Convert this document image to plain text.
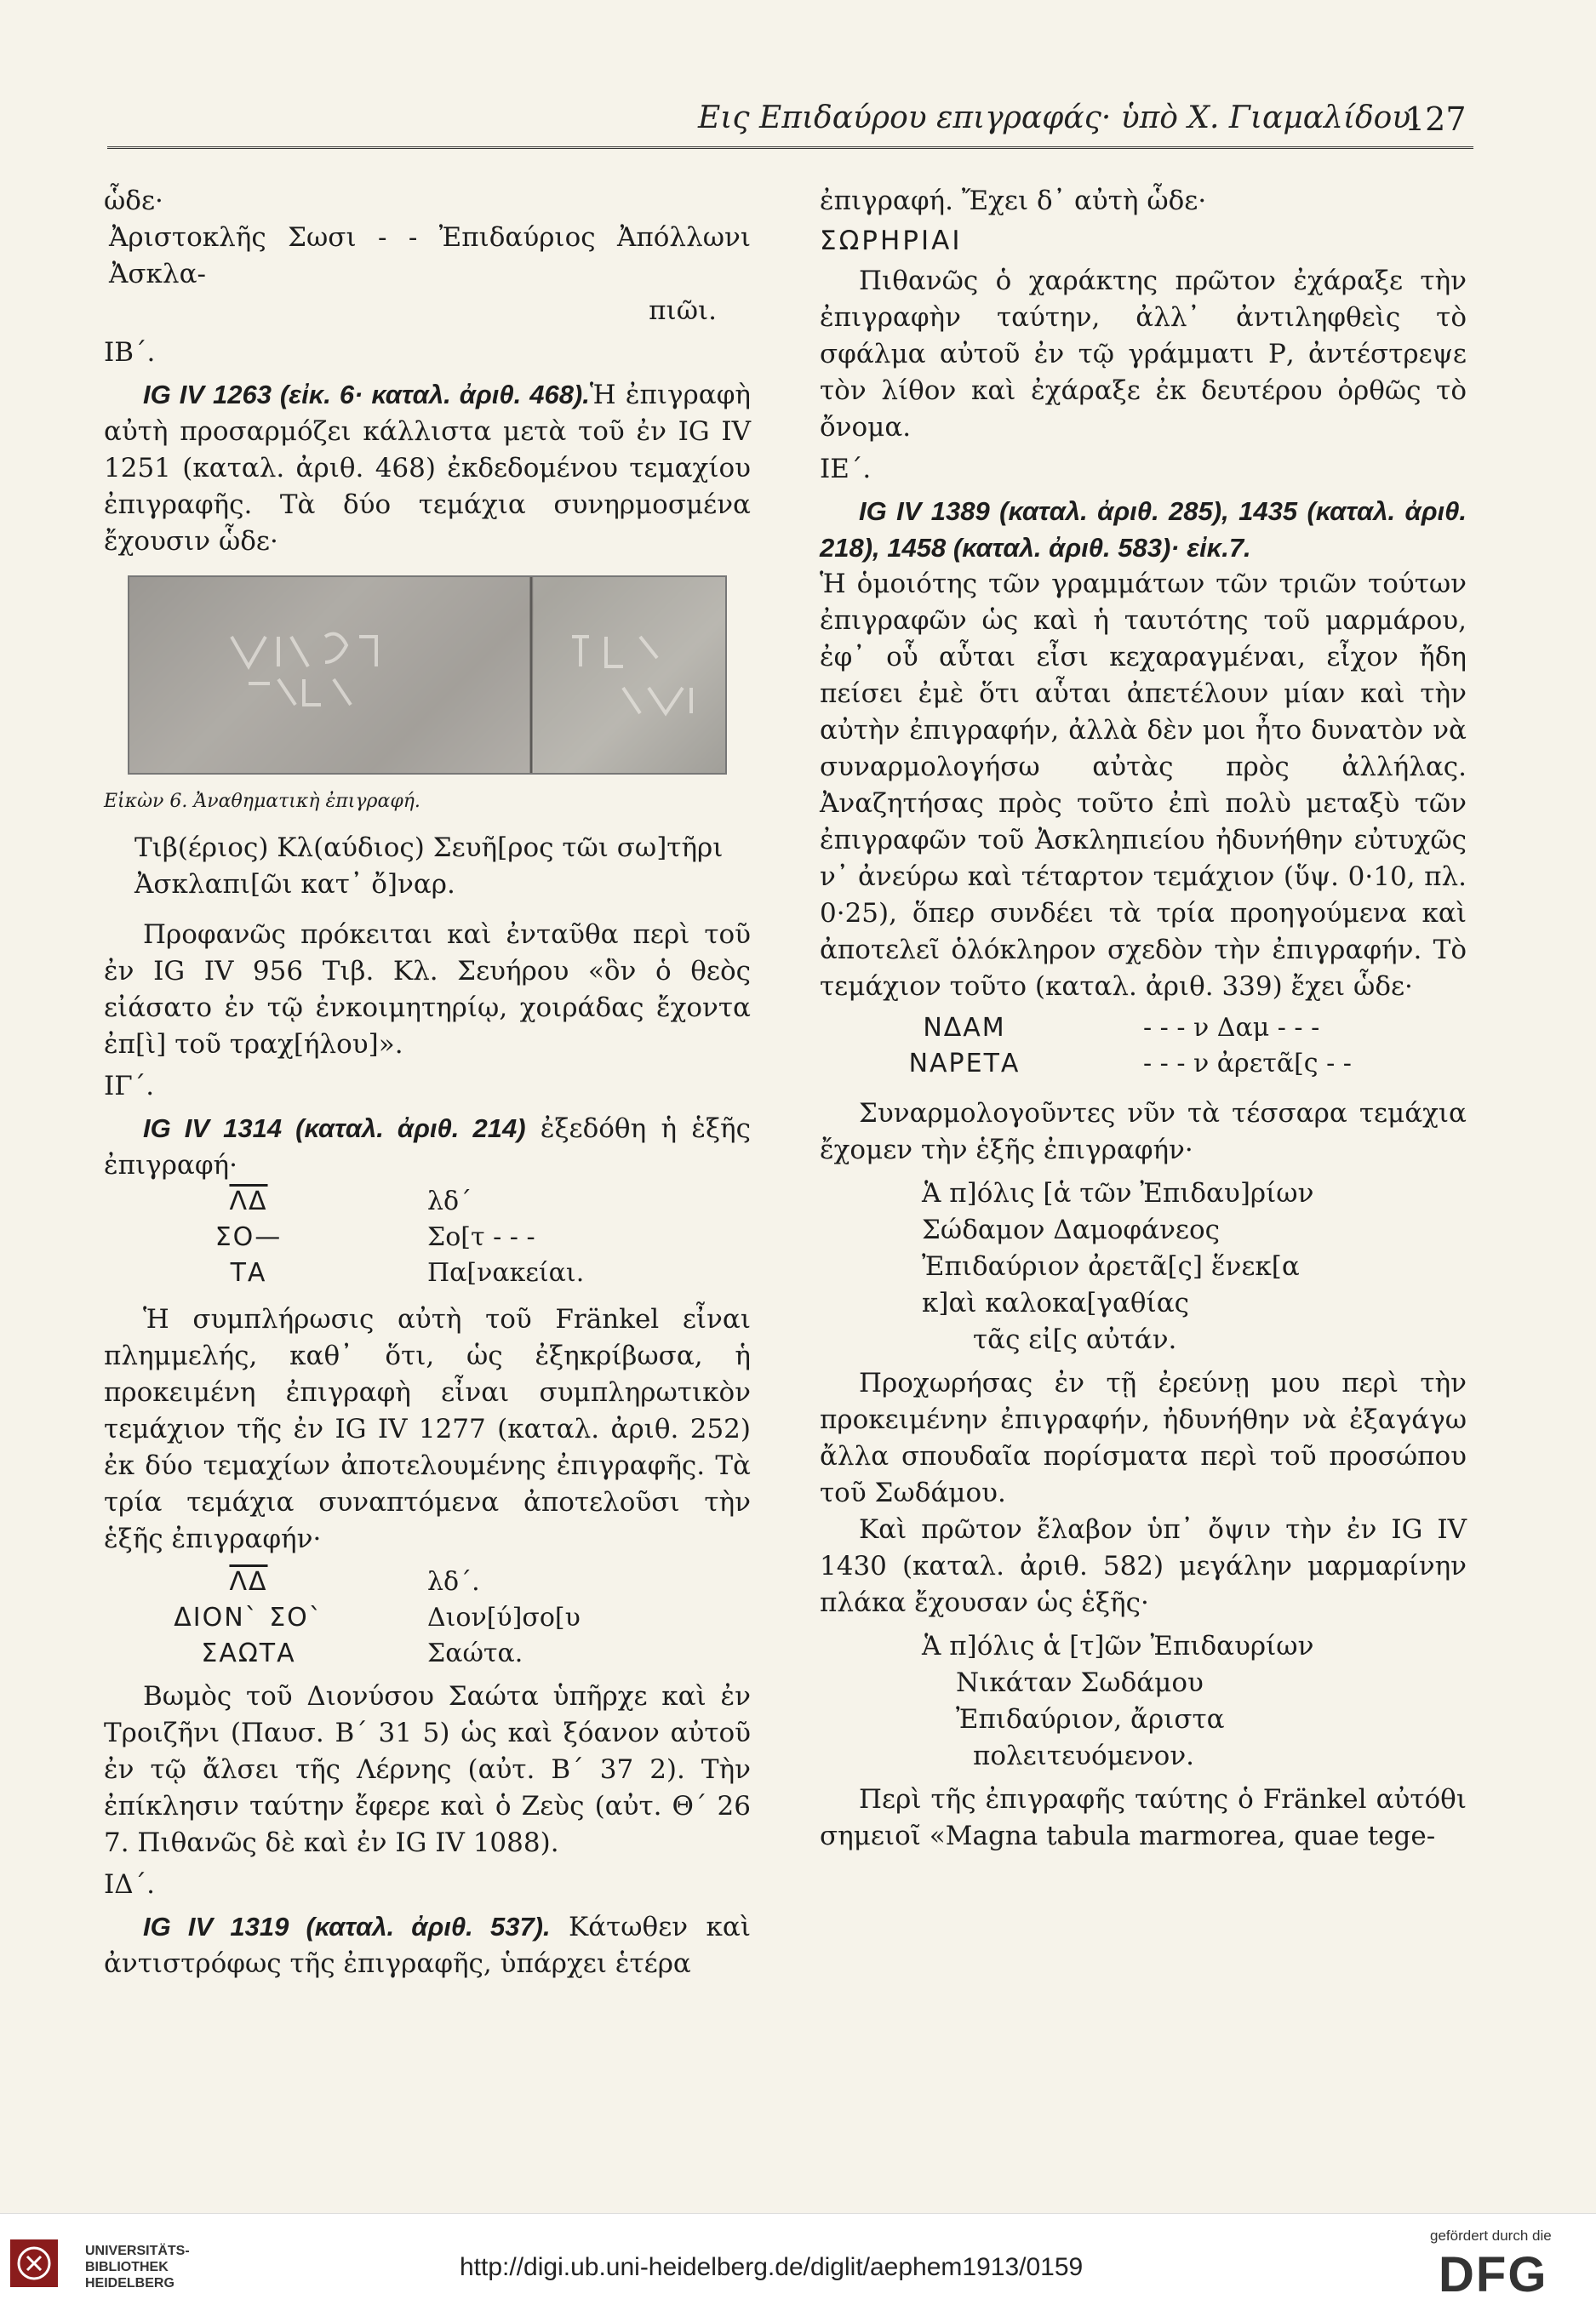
Εις Επιδαύρου επιγραφάς· ὑπὸ Χ. Γιαμαλίδου.
127

ὧδε·

Ἀριστοκλῆς Σωσι - - Ἐπιδαύριος Ἀπόλλωνι Ἀσκλα-

πιῶι.

ΙΒ΄.

IG IV 1263 (εἰκ. 6· καταλ. ἀριθ. 468).Ἡ ἐπιγραφὴ αὐτὴ προσαρμόζει κάλλιστα μετὰ τοῦ ἐν IG IV 1251 (καταλ. ἀριθ. 468) ἐκδεδομένου τεμαχίου ἐπιγραφῆς. Τὰ δύο τεμάχια συνηρμοσμένα ἔχουσιν ὧδε·

Εἰκὼν 6. Ἀναθηματικὴ ἐπιγραφή.

Τιβ(έριος) Κλ(αύδιος) Σευῆ[ρος τῶι σω]τῆρι

Ἀσκλαπι[ῶι κατ᾽ ὄ]ναρ.

Προφανῶς πρόκειται καὶ ἐνταῦθα περὶ τοῦ ἐν IG IV 956 Τιβ. Κλ. Σευήρου «ὃν ὁ θεὸς εἰάσατο ἐν τῷ ἐνκοιμητηρίῳ, χοιράδας ἔχοντα ἐπ[ὶ] τοῦ τραχ[ήλου]».

ΙΓ΄.

IG IV 1314 (καταλ. ἀριθ. 214) ἐξεδόθη ἡ ἑξῆς ἐπιγραφή·

$\overline{\Lambda\Delta}$	λδ΄
ΣΟ—	Σο[τ - - -
ΤΑ	Πα[νακείαι.

Ἡ συμπλήρωσις αὐτὴ τοῦ Fränkel εἶναι πλημμελής, καθ᾽ ὅτι, ὡς ἐξηκρίβωσα, ἡ προκειμένη ἐπιγραφὴ εἶναι συμπληρωτικὸν τεμάχιον τῆς ἐν IG IV 1277 (καταλ. ἀριθ. 252) ἐκ δύο τεμαχίων ἀποτελουμένης ἐπιγραφῆς. Τὰ τρία τεμάχια συναπτόμενα ἀποτελοῦσι τὴν ἑξῆς ἐπιγραφήν·

$\overline{\Lambda\Delta}$	λδ΄.
ΔΙΟΝ` ΣΟ`	Διον[ύ]σο[υ
ΣΑΩΤΑ	Σαώτα.

Βωμὸς τοῦ Διονύσου Σαώτα ὑπῆρχε καὶ ἐν Τροιζῆνι (Παυσ. Β΄ 31 5) ὡς καὶ ξόανον αὐτοῦ ἐν τῷ ἄλσει τῆς Λέρνης (αὐτ. Β΄ 37 2). Τὴν ἐπίκλησιν ταύτην ἔφερε καὶ ὁ Ζεὺς (αὐτ. Θ΄ 26 7. Πιθανῶς δὲ καὶ ἐν IG IV 1088).

ΙΔ΄.

IG IV 1319 (καταλ. ἀριθ. 537). Κάτωθεν καὶ ἀντιστρόφως τῆς ἐπιγραφῆς, ὑπάρχει ἑτέρα

ἐπιγραφή. Ἔχει δ᾽ αὐτὴ ὧδε·

ΣΩΡΗΡΙΑΙ

Πιθανῶς ὁ χαράκτης πρῶτον ἐχάραξε τὴν ἐπιγραφὴν ταύτην, ἀλλ᾽ ἀντιληφθεὶς τὸ σφάλμα αὐτοῦ ἐν τῷ γράμματι Ρ, ἀντέστρεψε τὸν λίθον καὶ ἐχάραξε ἐκ δευτέρου ὀρθῶς τὸ ὄνομα.

ΙΕ΄.

IG IV 1389 (καταλ. ἀριθ. 285), 1435 (καταλ. ἀριθ. 218), 1458 (καταλ. ἀριθ. 583)· εἰκ.7.

Ἡ ὁμοιότης τῶν γραμμάτων τῶν τριῶν τούτων ἐπιγραφῶν ὡς καὶ ἡ ταυτότης τοῦ μαρμάρου, ἐφ᾽ οὗ αὗται εἶσι κεχαραγμέναι, εἶχον ἤδη πείσει ἐμὲ ὅτι αὗται ἀπετέλουν μίαν καὶ τὴν αὐτὴν ἐπιγραφήν, ἀλλὰ δὲν μοι ἦτο δυνατὸν νὰ συναρμολογήσω αὐτὰς πρὸς ἀλλήλας. Ἀναζητήσας πρὸς τοῦτο ἐπὶ πολὺ μεταξὺ τῶν ἐπιγραφῶν τοῦ Ἀσκληπιείου ἠδυνήθην εὐτυχῶς ν᾽ ἀνεύρω καὶ τέταρτον τεμάχιον (ὕψ. 0·10, πλ. 0·25), ὅπερ συνδέει τὰ τρία προηγούμενα καὶ ἀποτελεῖ ὁλόκληρον σχεδὸν τὴν ἐπιγραφήν. Τὸ τεμάχιον τοῦτο (καταλ. ἀριθ. 339) ἔχει ὧδε·

ΝΔΑΜ	- - - ν Δαμ - - -
ΝΑΡΕΤΑ	- - - ν ἀρετᾶ[ς - -

Συναρμολογοῦντες νῦν τὰ τέσσαρα τεμάχια ἔχομεν τὴν ἑξῆς ἐπιγραφήν·

Ἁ π]όλις [ἁ τῶν Ἐπιδαυ]ρίων

Σώδαμον Δαμοφάνεος

Ἐπιδαύριον ἀρετᾶ[ς] ἕνεκ[α

κ]αὶ καλοκα[γαθίας

τᾶς εἰ[ς αὐτάν.

Προχωρήσας ἐν τῇ ἐρεύνῃ μου περὶ τὴν προκειμένην ἐπιγραφήν, ἠδυνήθην νὰ ἐξαγάγω ἄλλα σπουδαῖα πορίσματα περὶ τοῦ προσώπου τοῦ Σωδάμου.

Καὶ πρῶτον ἔλαβον ὑπ᾽ ὄψιν τὴν ἐν IG IV 1430 (καταλ. ἀριθ. 582) μεγάλην μαρμαρίνην πλάκα ἔχουσαν ὡς ἑξῆς·

Ἁ π]όλις ἁ [τ]ῶν Ἐπιδαυρίων

Νικάταν Σωδάμου

Ἐπιδαύριον, ἄριστα

πολειτευόμενον.

Περὶ τῆς ἐπιγραφῆς ταύτης ὁ Fränkel αὐτόθι σημειοῖ «Magna tabula marmorea, quae tege-

UNIVERSITÄTS-
BIBLIOTHEK
HEIDELBERG
http://digi.ub.uni-heidelberg.de/diglit/aephem1913/0159
gefördert durch die
DFG
